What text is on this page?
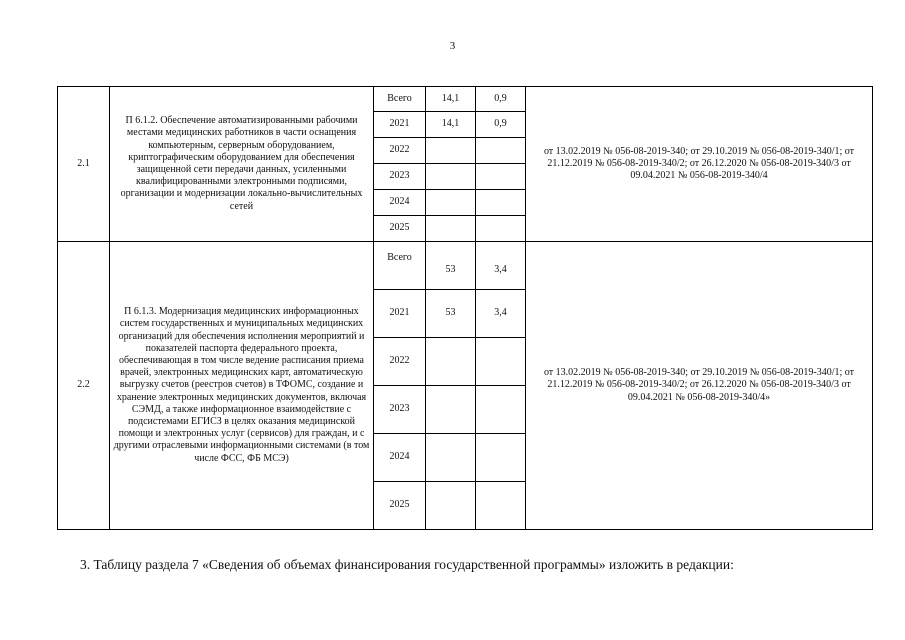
3
2.1	П 6.1.2. Обеспечение автоматизированными рабочими местами медицинских работников в части оснащения компьютерным, серверным оборудованием, криптографическим оборудованием для обеспечения защищенной сети передачи данных, усиленными квалифицированными электронными подписями, организации и модернизации локально-вычислительных сетей	Всего	14,1	0,9	от 13.02.2019 № 056-08-2019-340; от 29.10.2019 № 056-08-2019-340/1; от 21.12.2019 № 056-08-2019-340/2; от 26.12.2020 № 056-08-2019-340/3 от 09.04.2021 № 056-08-2019-340/4
		2021	14,1	0,9	
		2022			
		2023			
		2024			
		2025			
2.2	П 6.1.3. Модернизация медицинских информационных систем государственных и муниципальных медицинских организаций для обеспечения исполнения мероприятий и показателей паспорта федерального проекта, обеспечивающая в том числе ведение расписания приема врачей, электронных медицинских карт, автоматическую выгрузку счетов (реестров счетов) в ТФОМС, создание и хранение электронных медицинских документов, включая СЭМД, а также информационное взаимодействие с подсистемами ЕГИСЗ в целях оказания медицинской помощи и электронных услуг (сервисов) для граждан, и с другими отраслевыми информационными системами (в том числе ФСС, ФБ МСЭ)	Всего	53	3,4	от 13.02.2019 № 056-08-2019-340; от 29.10.2019 № 056-08-2019-340/1; от 21.12.2019 № 056-08-2019-340/2; от 26.12.2020 № 056-08-2019-340/3 от 09.04.2021 № 056-08-2019-340/4»
		2021	53	3,4	
		2022			
		2023			
		2024			
		2025			
3. Таблицу раздела 7 «Сведения об объемах финансирования государственной программы» изложить в редакции:
